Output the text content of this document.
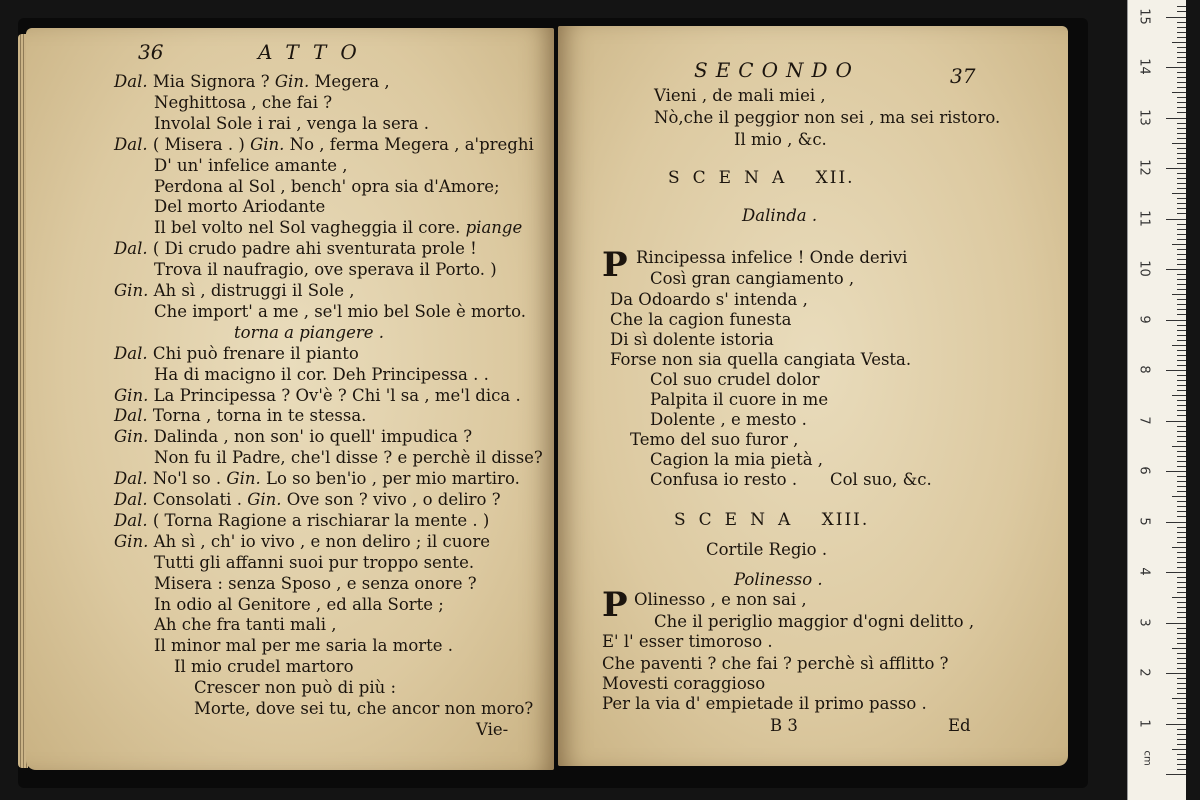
36	ATTO
Dal. Mia Signora ? Gin. Megera ,
Neghittosa , che fai ?
Involal Sole i rai , venga la sera .
Dal. ( Misera . ) Gin. No , ferma Megera , a'preghi
D' un' infelice amante ,
Perdona al Sol , bench' opra sia d'Amore;
Del morto Ariodante
Il bel volto nel Sol vagheggia il core. piange
Dal. ( Di crudo padre ahi sventurata prole !
Trova il naufragio, ove sperava il Porto. )
Gin. Ah sì , distruggi il Sole ,
Che import' a me , se'l mio bel Sole è morto.
torna a piangere .
Dal. Chi può frenare il pianto
Ha di macigno il cor. Deh Principessa . .
Gin. La Principessa ? Ov'è ? Chi 'l sa , me'l dica .
Dal. Torna , torna in te stessa.
Gin. Dalinda , non son' io quell' impudica ?
Non fu il Padre, che'l disse ? e perchè il disse?
Dal. No'l so . Gin. Lo so ben'io , per mio martiro.
Dal. Consolati . Gin. Ove son ? vivo , o deliro ?
Dal. ( Torna Ragione a rischiarar la mente . )
Gin. Ah sì , ch' io vivo , e non deliro ; il cuore
Tutti gli affanni suoi pur troppo sente.
Misera : senza Sposo , e senza onore ?
In odio al Genitore , ed alla Sorte ;
Ah che fra tanti mali ,
Il minor mal per me saria la morte .
Il mio crudel martoro
Crescer non può di più :
Morte, dove sei tu, che ancor non moro?
Vie-
SECONDO	37
Vieni , de mali miei ,
Nò,che il peggior non sei , ma sei ristoro.
Il mio , &c.
SCENA XII.
Dalinda .
P Rincipessa infelice ! Onde derivi
Così gran cangiamento ,
Da Odoardo s' intenda ,
Che la cagion funesta
Di sì dolente istoria
Forse non sia quella cangiata Vesta.
Col suo crudel dolor
Palpita il cuore in me
Dolente , e mesto .
Temo del suo furor ,
Cagion la mia pietà ,
Confusa io resto . Col suo, &c.
SCENA XIII.
Cortile Regio .
Polinesso .
P Olinesso , e non sai ,
Che il periglio maggior d'ogni delitto ,
E' l' esser timoroso .
Che paventi ? che fai ? perchè sì afflitto ?
Movesti coraggioso
Per la via d' empietade il primo passo .
B 3	Ed
cm
1
2
3
4
5
6
7
8
9
10
11
12
13
14
15
